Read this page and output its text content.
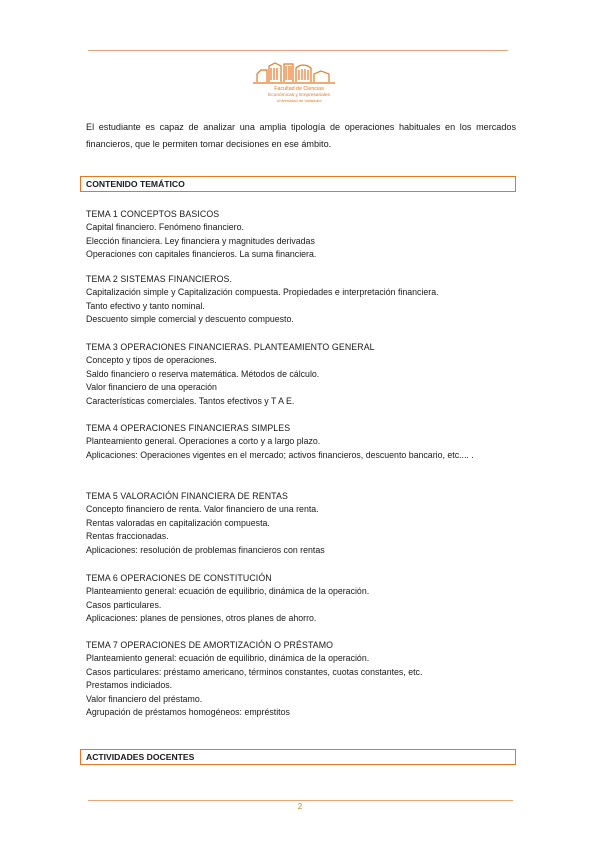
Facultad de Ciencias
Económicas y Empresariales
Universidad de Valladolid
El estudiante es capaz de analizar una amplia tipología de operaciones habituales en los mercados financieros, que le permiten tomar decisiones en ese ámbito.
CONTENIDO TEMÁTICO
TEMA 1 CONCEPTOS BASICOS
Capital financiero. Fenómeno financiero.
Elección financiera. Ley financiera y magnitudes derivadas
Operaciones con capitales financieros. La suma financiera.
TEMA 2 SISTEMAS FINANCIEROS.
Capitalización simple y Capitalización compuesta. Propiedades e interpretación financiera.
Tanto efectivo y tanto nominal.
Descuento simple comercial y descuento compuesto.
TEMA 3 OPERACIONES FINANCIERAS. PLANTEAMIENTO GENERAL
Concepto y tipos de operaciones.
Saldo financiero o reserva matemática. Métodos de cálculo.
Valor financiero de una operación
Características comerciales. Tantos efectivos y T A E.
TEMA 4 OPERACIONES FINANCIERAS SIMPLES
Planteamiento general. Operaciones a corto y a largo plazo.
Aplicaciones: Operaciones vigentes en el mercado; activos financieros, descuento bancario, etc.... .
TEMA 5 VALORACIÓN FINANCIERA DE RENTAS
Concepto financiero de renta. Valor financiero de una renta.
Rentas valoradas en capitalización compuesta.
Rentas fraccionadas.
Aplicaciones: resolución de problemas financieros con rentas
TEMA 6 OPERACIONES DE CONSTITUCIÓN
Planteamiento general: ecuación de equilibrio, dinámica de la operación.
Casos particulares.
Aplicaciones: planes de pensiones, otros planes de ahorro.
TEMA 7 OPERACIONES DE AMORTIZACIÓN O PRÉSTAMO
Planteamiento general: ecuación de equilibrio, dinámica de la operación.
Casos particulares: préstamo americano, términos constantes, cuotas constantes, etc.
Prestamos indiciados.
Valor financiero del préstamo.
Agrupación de préstamos homogéneos: empréstitos
ACTIVIDADES DOCENTES
2
